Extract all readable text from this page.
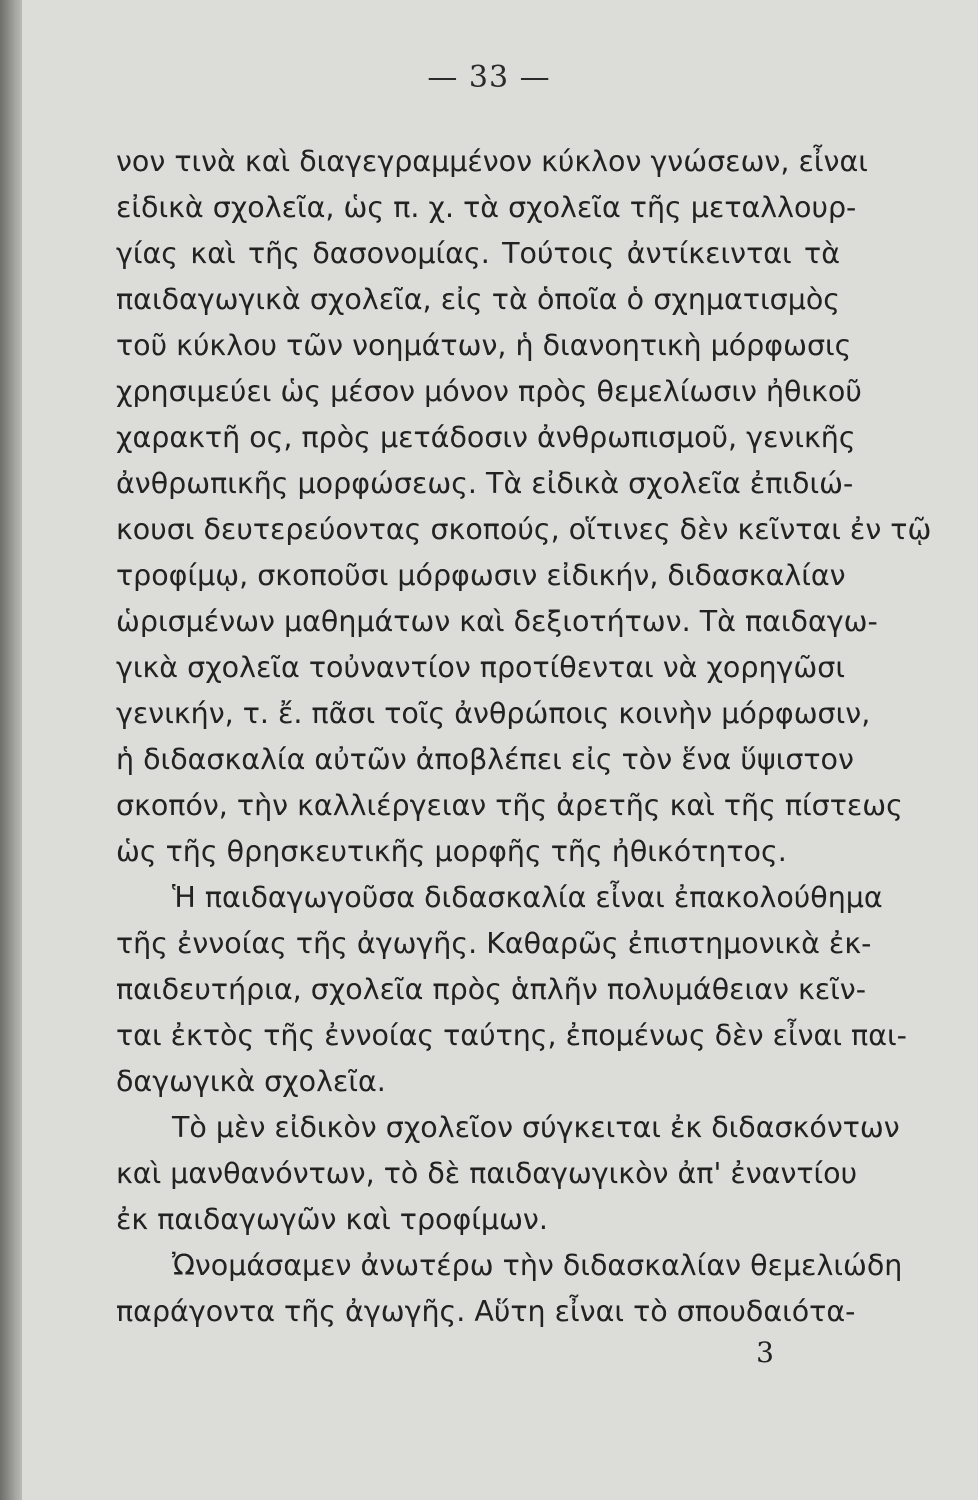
— 33 —
νον τινὰ καὶ διαγεγραμμένον κύκλον γνώσεων, εἶναι
εἰδικὰ σχολεῖα, ὡς π. χ. τὰ σχολεῖα τῆς μεταλλουρ-
γίας καὶ τῆς δασονομίας. Τούτοις ἀντίκεινται τὰ
παιδαγωγικὰ σχολεῖα, εἰς τὰ ὁποῖα ὁ σχηματισμὸς
τοῦ κύκλου τῶν νοημάτων, ἡ διανοητικὴ μόρφωσις
χρησιμεύει ὡς μέσον μόνον πρὸς θεμελίωσιν ἠθικοῦ
χαρακτῆ ος, πρὸς μετάδοσιν ἀνθρωπισμοῦ, γενικῆς
ἀνθρωπικῆς μορφώσεως. Τὰ εἰδικὰ σχολεῖα ἐπιδιώ-
κουσι δευτερεύοντας σκοπούς, οἵτινες δὲν κεῖνται ἐν τῷ
τροφίμῳ, σκοποῦσι μόρφωσιν εἰδικήν, διδασκαλίαν
ὡρισμένων μαθημάτων καὶ δεξιοτήτων. Τὰ παιδαγω-
γικὰ σχολεῖα τοὐναντίον προτίθενται νὰ χορηγῶσι
γενικήν, τ. ἔ. πᾶσι τοῖς ἀνθρώποις κοινὴν μόρφωσιν,
ἡ διδασκαλία αὐτῶν ἀποβλέπει εἰς τὸν ἕνα ὕψιστον
σκοπόν, τὴν καλλιέργειαν τῆς ἀρετῆς καὶ τῆς πίστεως
ὡς τῆς θρησκευτικῆς μορφῆς τῆς ἠθικότητος.
Ἡ παιδαγωγοῦσα διδασκαλία εἶναι ἐπακολούθημα
τῆς ἐννοίας τῆς ἀγωγῆς. Καθαρῶς ἐπιστημονικὰ ἐκ-
παιδευτήρια, σχολεῖα πρὸς ἁπλῆν πολυμάθειαν κεῖν-
ται ἐκτὸς τῆς ἐννοίας ταύτης, ἐπομένως δὲν εἶναι παι-
δαγωγικὰ σχολεῖα.
Τὸ μὲν εἰδικὸν σχολεῖον σύγκειται ἐκ διδασκόντων
καὶ μανθανόντων, τὸ δὲ παιδαγωγικὸν ἀπ' ἐναντίου
ἐκ παιδαγωγῶν καὶ τροφίμων.
Ὠνομάσαμεν ἀνωτέρω τὴν διδασκαλίαν θεμελιώδη
παράγοντα τῆς ἀγωγῆς. Αὕτη εἶναι τὸ σπουδαιότα-
3
